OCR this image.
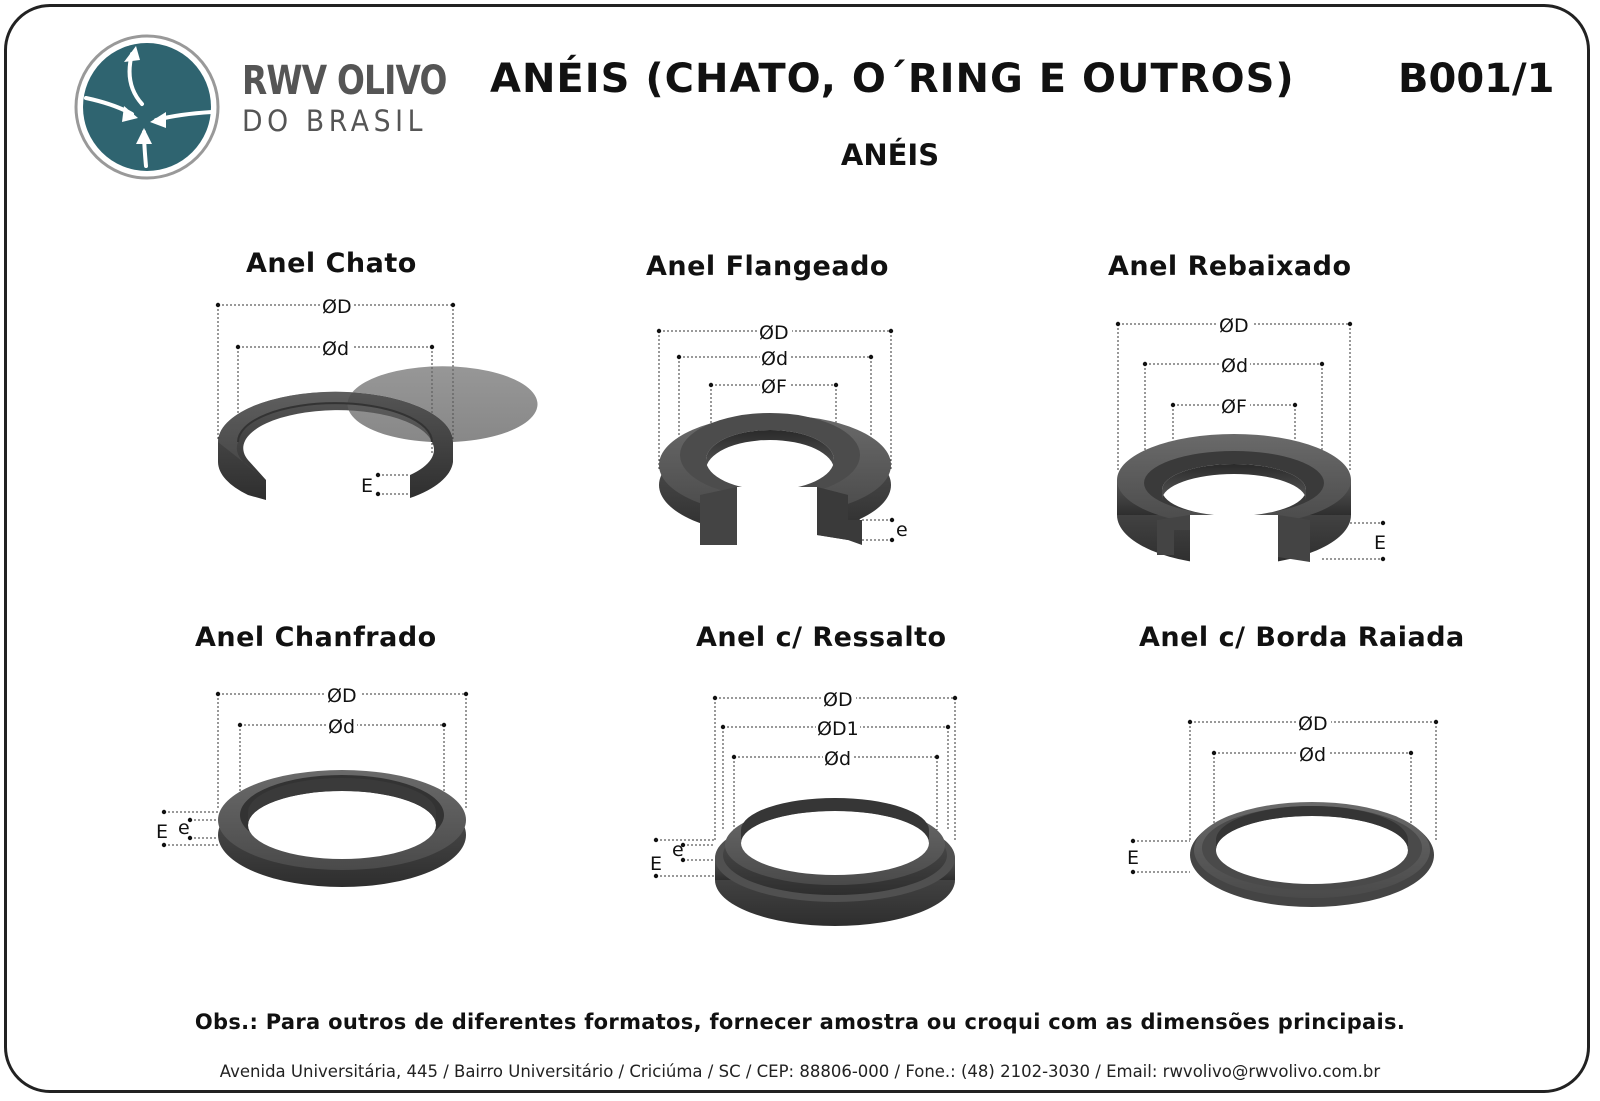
RWV OLIVO
DO BRASIL
ANÉIS (CHATO, O´RING E OUTROS)	B001/1
ANÉIS
Anel Chato	Anel Flangeado	Anel Rebaixado
Anel Chanfrado	Anel c/ Ressalto	Anel c/ Borda Raiada
ØD
Ød
E
ØD
Ød
ØF
e
ØD
Ød
ØF
E
ØD
Ød
E e
ØD
ØD1
Ød
e
E
ØD
Ød
E
Obs.: Para outros de diferentes formatos, fornecer amostra ou croqui com as dimensões principais.
Avenida Universitária, 445 / Bairro Universitário / Criciúma / SC / CEP: 88806-000 / Fone.: (48) 2102-3030 / Email: rwvolivo@rwvolivo.com.br
